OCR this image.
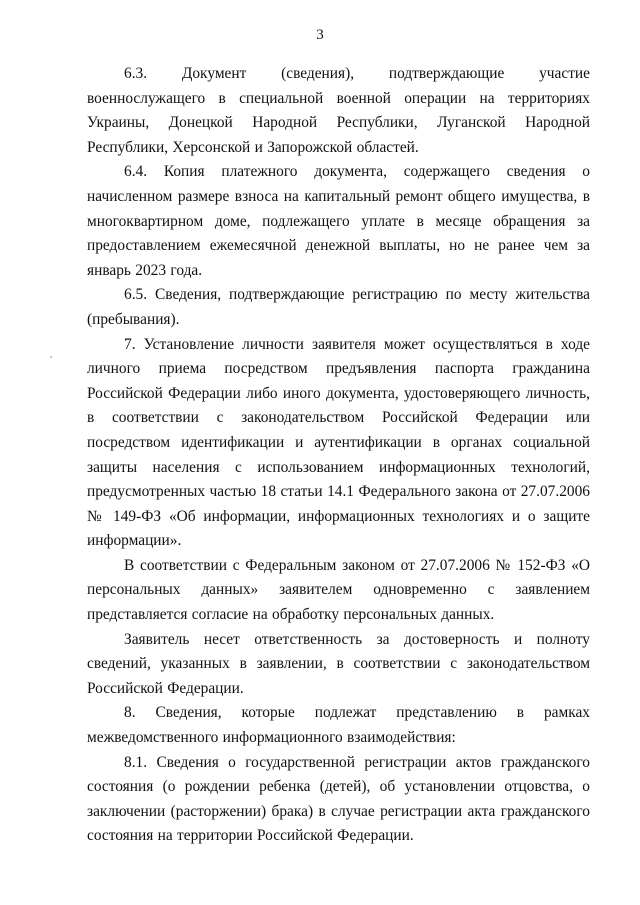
3

6.3. Документ (сведения), подтверждающие участие военнослужащего в специальной военной операции на территориях Украины, Донецкой Народной Республики, Луганской Народной Республики, Херсонской и Запорожской областей.

6.4. Копия платежного документа, содержащего сведения о начисленном размере взноса на капитальный ремонт общего имущества, в многоквартирном доме, подлежащего уплате в месяце обращения за предоставлением ежемесячной денежной выплаты, но не ранее чем за январь 2023 года.

6.5. Сведения, подтверждающие регистрацию по месту жительства (пребывания).

7. Установление личности заявителя может осуществляться в ходе личного приема посредством предъявления паспорта гражданина Российской Федерации либо иного документа, удостоверяющего личность, в соответствии с законодательством Российской Федерации или посредством идентификации и аутентификации в органах социальной защиты населения с использованием информационных технологий, предусмотренных частью 18 статьи 14.1 Федерального закона от 27.07.2006 № 149-ФЗ «Об информации, информационных технологиях и о защите информации».

В соответствии с Федеральным законом от 27.07.2006 № 152-ФЗ «О персональных данных» заявителем одновременно с заявлением представляется согласие на обработку персональных данных.

Заявитель несет ответственность за достоверность и полноту сведений, указанных в заявлении, в соответствии с законодательством Российской Федерации.

8. Сведения, которые подлежат представлению в рамках межведомственного информационного взаимодействия:

8.1. Сведения о государственной регистрации актов гражданского состояния (о рождении ребенка (детей), об установлении отцовства, о заключении (расторжении) брака) в случае регистрации акта гражданского состояния на территории Российской Федерации.
